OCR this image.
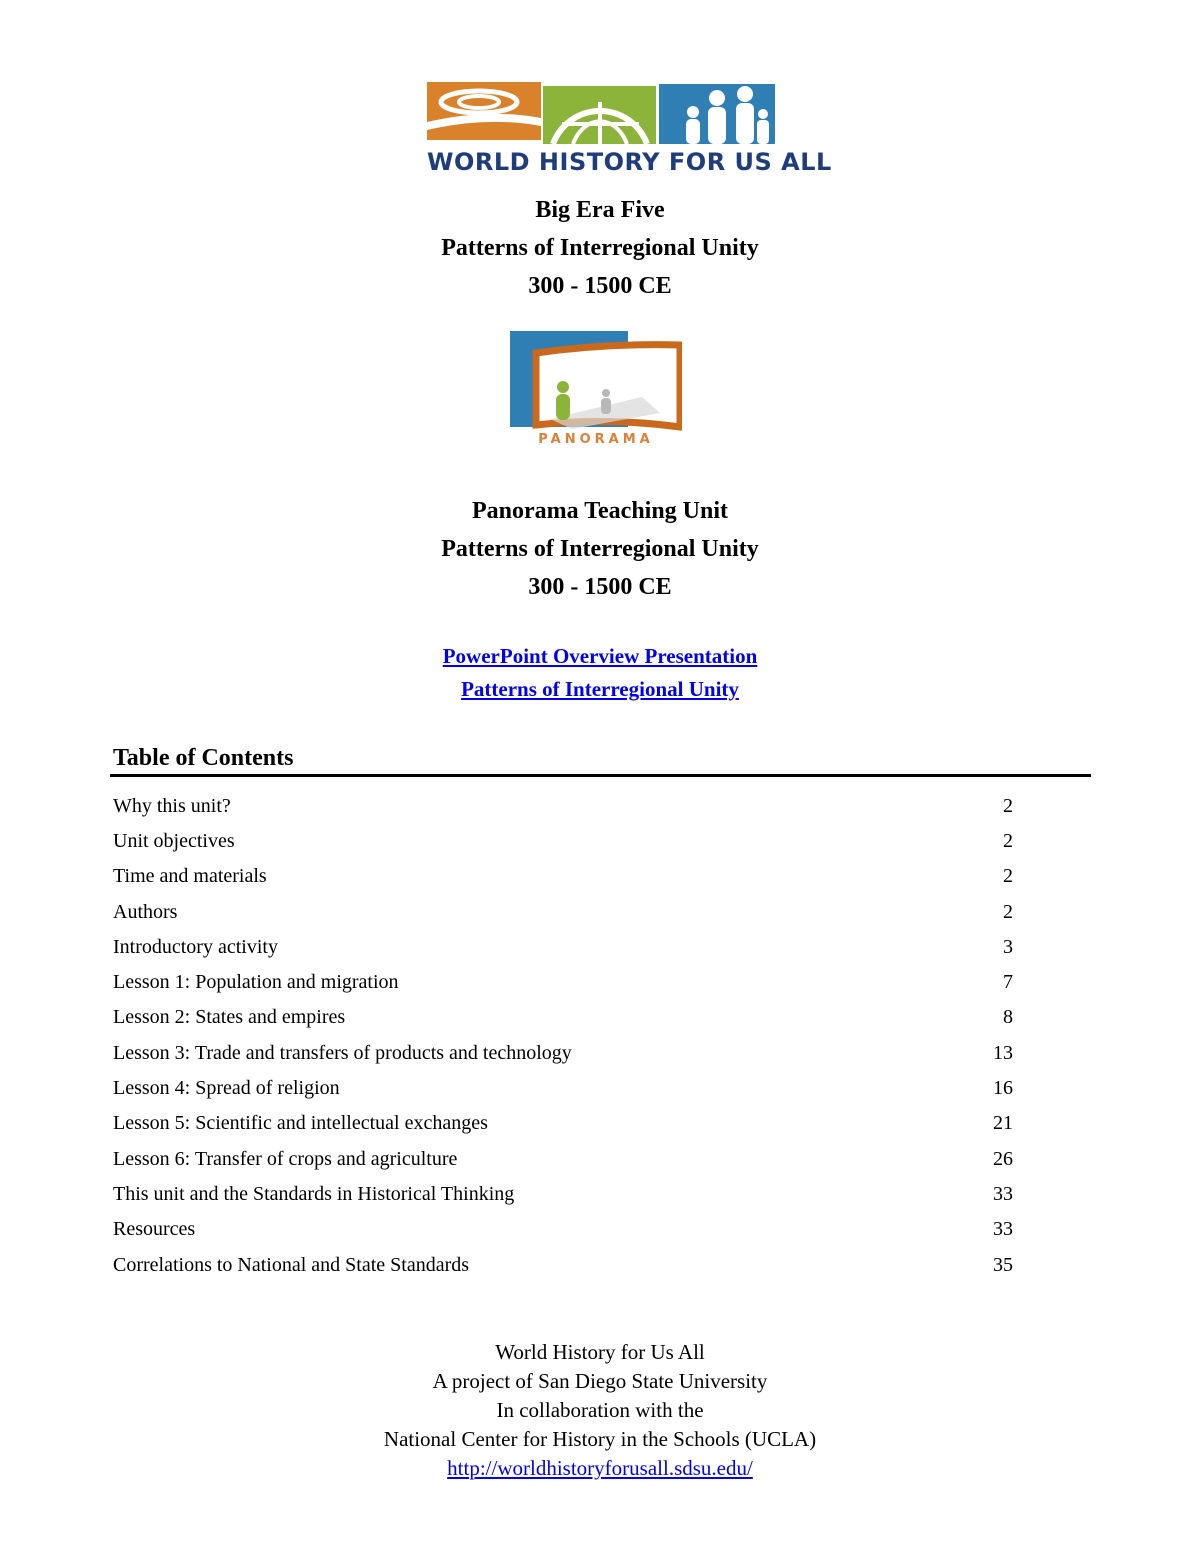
WORLD HISTORY FOR US ALL
Big Era Five
Patterns of Interregional Unity
300 - 1500 CE
PANORAMA
Panorama Teaching Unit
Patterns of Interregional Unity
300 - 1500 CE
PowerPoint Overview Presentation
Patterns of Interregional Unity
Table of Contents
Why this unit?	2
Unit objectives	2
Time and materials	2
Authors	2
Introductory activity	3
Lesson 1: Population and migration	7
Lesson 2: States and empires	8
Lesson 3: Trade and transfers of products and technology	13
Lesson 4: Spread of religion	16
Lesson 5: Scientific and intellectual exchanges	21
Lesson 6: Transfer of crops and agriculture	26
This unit and the Standards in Historical Thinking	33
Resources	33
Correlations to National and State Standards	35
World History for Us All
A project of San Diego State University
In collaboration with the
National Center for History in the Schools (UCLA)
http://worldhistoryforusall.sdsu.edu/
